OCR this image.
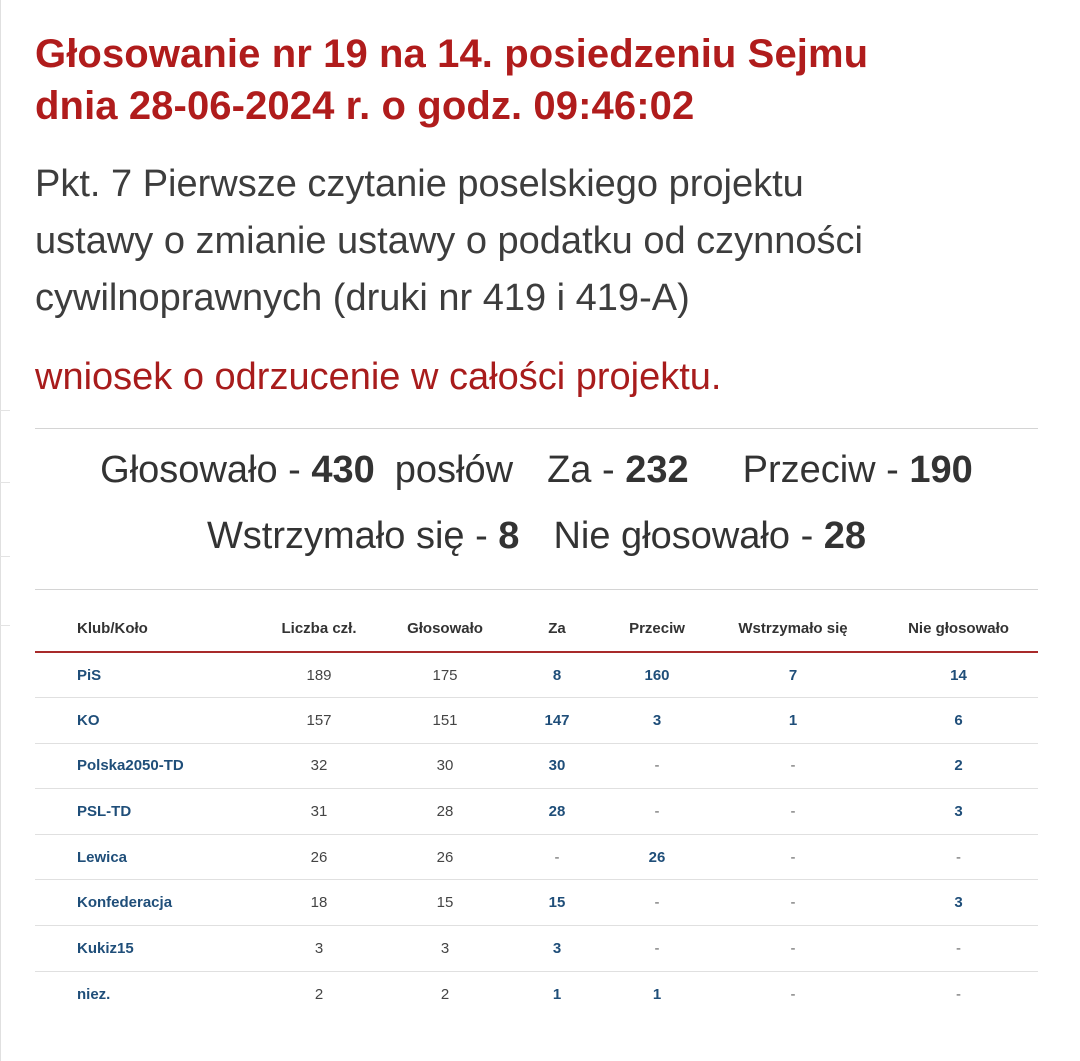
Głosowanie nr 19 na 14. posiedzeniu Sejmu
dnia 28-06-2024 r. o godz. 09:46:02
Pkt. 7 Pierwsze czytanie poselskiego projektu
ustawy o zmianie ustawy o podatku od czynności
cywilnoprawnych (druki nr 419 i 419-A)
wniosek o odrzucenie w całości projektu.
Głosowało - 430 posłów Za - 232 Przeciw - 190
Wstrzymało się - 8 Nie głosowało - 28
Klub/Koło	Liczba czł.	Głosowało	Za	Przeciw	Wstrzymało się	Nie głosowało
PiS	189	175	8	160	7	14
KO	157	151	147	3	1	6
Polska2050-TD	32	30	30	-	-	2
PSL-TD	31	28	28	-	-	3
Lewica	26	26	-	26	-	-
Konfederacja	18	15	15	-	-	3
Kukiz15	3	3	3	-	-	-
niez.	2	2	1	1	-	-
